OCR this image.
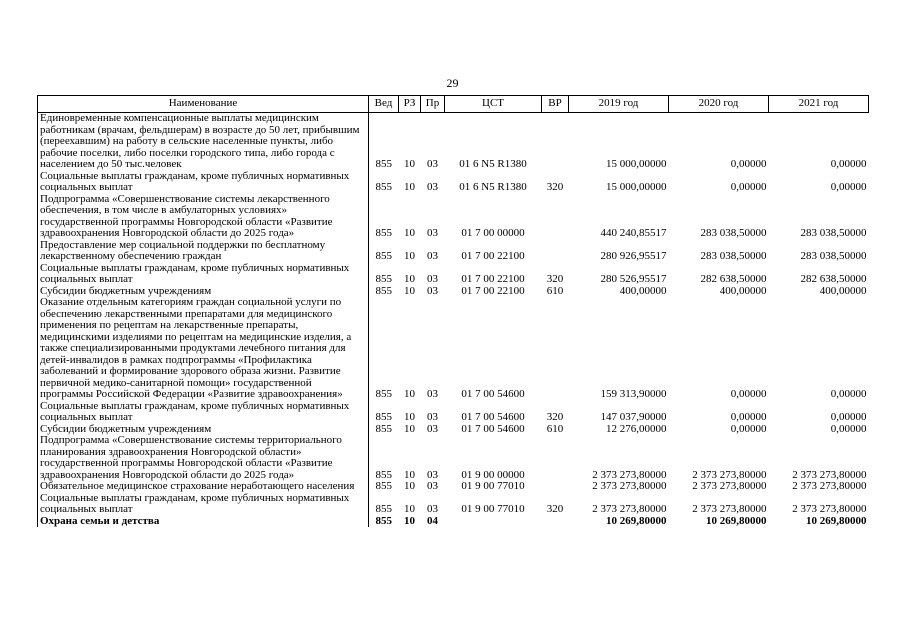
29
Наименование	Вед	РЗ	Пр	ЦСТ	ВР	2019 год	2020 год	2021 год
Единовременные компенсационные выплаты медицинским работникам (врачам, фельдшерам) в возрасте до 50 лет, прибывшим (переехавшим) на работу в сельские населенные пункты, либо рабочие поселки, либо поселки городского типа, либо города с населением до 50 тыс.человек	855	10	03	01 6 N5 R1380		15 000,00000	0,00000	0,00000
Социальные выплаты гражданам, кроме публичных нормативных социальных выплат	855	10	03	01 6 N5 R1380	320	15 000,00000	0,00000	0,00000
Подпрограмма «Совершенствование системы лекарственного обеспечения, в том числе в амбулаторных условиях» государственной программы Новгородской области «Развитие здравоохранения Новгородской области до 2025 года»	855	10	03	01 7 00 00000		440 240,85517	283 038,50000	283 038,50000
Предоставление мер социальной поддержки по бесплатному лекарственному обеспечению граждан	855	10	03	01 7 00 22100		280 926,95517	283 038,50000	283 038,50000
Социальные выплаты гражданам, кроме публичных нормативных социальных выплат	855	10	03	01 7 00 22100	320	280 526,95517	282 638,50000	282 638,50000
Субсидии бюджетным учреждениям	855	10	03	01 7 00 22100	610	400,00000	400,00000	400,00000
Оказание отдельным категориям граждан социальной услуги по обеспечению лекарственными препаратами для медицинского применения по рецептам на лекарственные препараты, медицинскими изделиями по рецептам на медицинские изделия, а также специализированными продуктами лечебного питания для детей-инвалидов в рамках подпрограммы «Профилактика заболеваний и формирование здорового образа жизни. Развитие первичной медико-санитарной помощи» государственной программы Российской Федерации «Развитие здравоохранения»	855	10	03	01 7 00 54600		159 313,90000	0,00000	0,00000
Социальные выплаты гражданам, кроме публичных нормативных социальных выплат	855	10	03	01 7 00 54600	320	147 037,90000	0,00000	0,00000
Субсидии бюджетным учреждениям	855	10	03	01 7 00 54600	610	12 276,00000	0,00000	0,00000
Подпрограмма «Совершенствование системы территориального планирования здравоохранения Новгородской области» государственной программы Новгородской области «Развитие здравоохранения Новгородской области до 2025 года»	855	10	03	01 9 00 00000		2 373 273,80000	2 373 273,80000	2 373 273,80000
Обязательное медицинское страхование неработающего населения	855	10	03	01 9 00 77010		2 373 273,80000	2 373 273,80000	2 373 273,80000
Социальные выплаты гражданам, кроме публичных нормативных социальных выплат	855	10	03	01 9 00 77010	320	2 373 273,80000	2 373 273,80000	2 373 273,80000
Охрана семьи и детства	855	10	04			10 269,80000	10 269,80000	10 269,80000
